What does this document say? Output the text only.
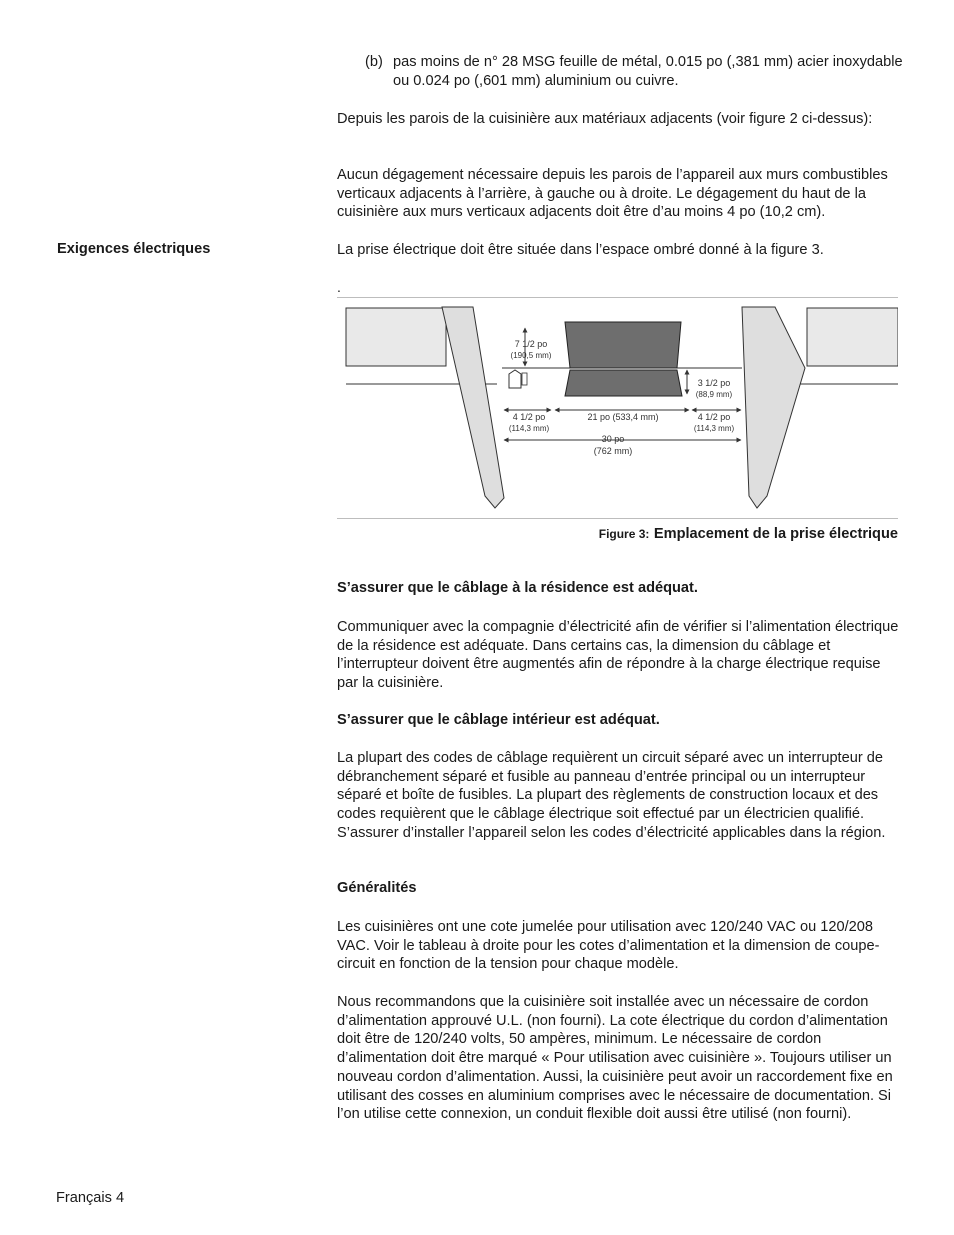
(b) pas moins de n° 28 MSG feuille de métal, 0.015 po (,381 mm) acier inoxydable ou 0.024 po (,601 mm) aluminium ou cuivre.

Depuis les parois de la cuisinière aux matériaux adjacents (voir figure 2 ci-dessus):

Aucun dégagement nécessaire depuis les parois de l’appareil aux murs combustibles verticaux adjacents à l’arrière, à gauche ou à droite. Le dégagement du haut de la cuisinière aux murs verticaux adjacents doit être d’au moins 4 po (10,2 cm).

Exigences électriques	La prise électrique doit être située dans l’espace ombré donné à la figure 3.

.
7 1/2 po
(190,5 mm)
3 1/2 po
(88,9 mm)
4 1/2 po
(114,3 mm)
21 po (533,4 mm)	4 1/2 po
(114,3 mm)
30 po
(762 mm)
Figure 3: Emplacement de la prise électrique
S’assurer que le câblage à la résidence est adéquat.

Communiquer avec la compagnie d’électricité afin de vérifier si l’alimentation électrique de la résidence est adéquate. Dans certains cas, la dimension du câblage et l’interrupteur doivent être augmentés afin de répondre à la charge électrique requise par la cuisinière.

S’assurer que le câblage intérieur est adéquat.

La plupart des codes de câblage requièrent un circuit séparé avec un interrupteur de débranchement séparé et fusible au panneau d’entrée principal ou un interrupteur séparé et boîte de fusibles. La plupart des règlements de construction locaux et des codes requièrent que le câblage électrique soit effectué par un électricien qualifié. S’assurer d’installer l’appareil selon les codes d’électricité applicables dans la région.

Généralités

Les cuisinières ont une cote jumelée pour utilisation avec 120/240 VAC ou 120/208 VAC. Voir le tableau à droite pour les cotes d’alimentation et la dimension de coupe-circuit en fonction de la tension pour chaque modèle.

Nous recommandons que la cuisinière soit installée avec un nécessaire de cordon d’alimentation approuvé U.L. (non fourni). La cote électrique du cordon d’alimentation doit être de 120/240 volts, 50 ampères, minimum. Le nécessaire de cordon d’alimentation doit être marqué « Pour utilisation avec cuisinière ». Toujours utiliser un nouveau cordon d’alimentation. Aussi, la cuisinière peut avoir un raccordement fixe en utilisant des cosses en aluminium comprises avec le nécessaire de documentation. Si l’on utilise cette connexion, un conduit flexible doit aussi être utilisé (non fourni).

Français 4
